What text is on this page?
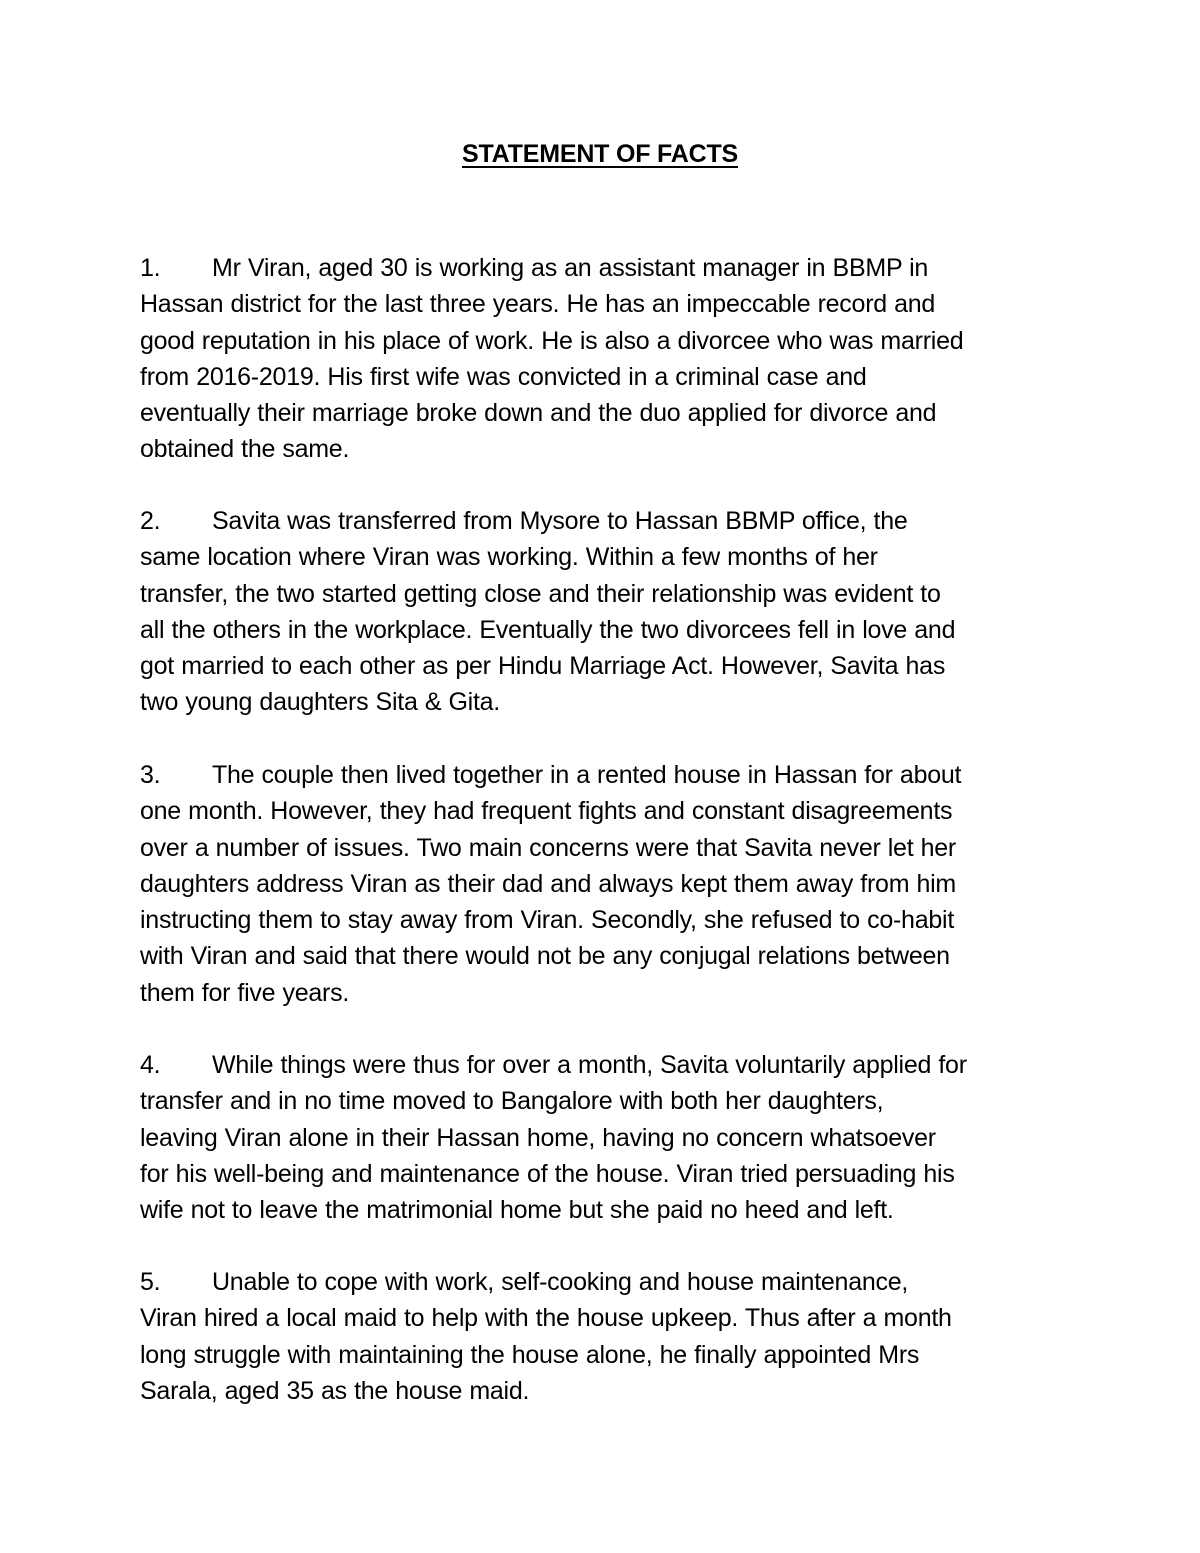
STATEMENT OF FACTS
1. Mr Viran, aged 30 is working as an assistant manager in BBMP in
Hassan district for the last three years. He has an impeccable record and
good reputation in his place of work. He is also a divorcee who was married
from 2016-2019. His first wife was convicted in a criminal case and
eventually their marriage broke down and the duo applied for divorce and
obtained the same.
2. Savita was transferred from Mysore to Hassan BBMP office, the
same location where Viran was working. Within a few months of her
transfer, the two started getting close and their relationship was evident to
all the others in the workplace. Eventually the two divorcees fell in love and
got married to each other as per Hindu Marriage Act. However, Savita has
two young daughters Sita & Gita.
3. The couple then lived together in a rented house in Hassan for about
one month. However, they had frequent fights and constant disagreements
over a number of issues. Two main concerns were that Savita never let her
daughters address Viran as their dad and always kept them away from him
instructing them to stay away from Viran. Secondly, she refused to co-habit
with Viran and said that there would not be any conjugal relations between
them for five years.
4. While things were thus for over a month, Savita voluntarily applied for
transfer and in no time moved to Bangalore with both her daughters,
leaving Viran alone in their Hassan home, having no concern whatsoever
for his well-being and maintenance of the house. Viran tried persuading his
wife not to leave the matrimonial home but she paid no heed and left.
5. Unable to cope with work, self-cooking and house maintenance,
Viran hired a local maid to help with the house upkeep. Thus after a month
long struggle with maintaining the house alone, he finally appointed Mrs
Sarala, aged 35 as the house maid.
